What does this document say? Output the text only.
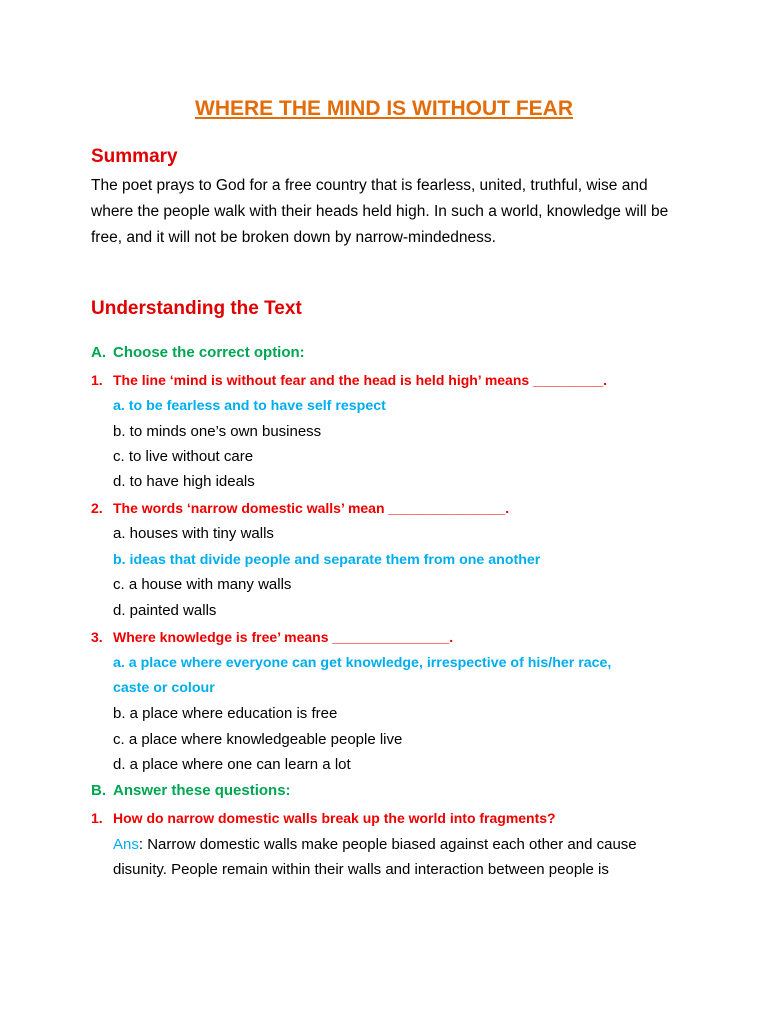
WHERE THE MIND IS WITHOUT FEAR
Summary
The poet prays to God for a free country that is fearless, united, truthful, wise and where the people walk with their heads held high. In such a world, knowledge will be free, and it will not be broken down by narrow-mindedness.
Understanding the Text
A. Choose the correct option:
1. The line ‘mind is without fear and the head is held high’ means _________.
a. to be fearless and to have self respect
b. to minds one’s own business
c. to live without care
d. to have high ideals
2. The words ‘narrow domestic walls’ mean _______________.
a. houses with tiny walls
b. ideas that divide people and separate them from one another
c. a house with many walls
d. painted walls
3. Where knowledge is free’ means _______________.
a. a place where everyone can get knowledge, irrespective of his/her race,
caste or colour
b. a place where education is free
c. a place where knowledgeable people live
d. a place where one can learn a lot
B. Answer these questions:
1. How do narrow domestic walls break up the world into fragments?
Ans: Narrow domestic walls make people biased against each other and cause disunity. People remain within their walls and interaction between people is
